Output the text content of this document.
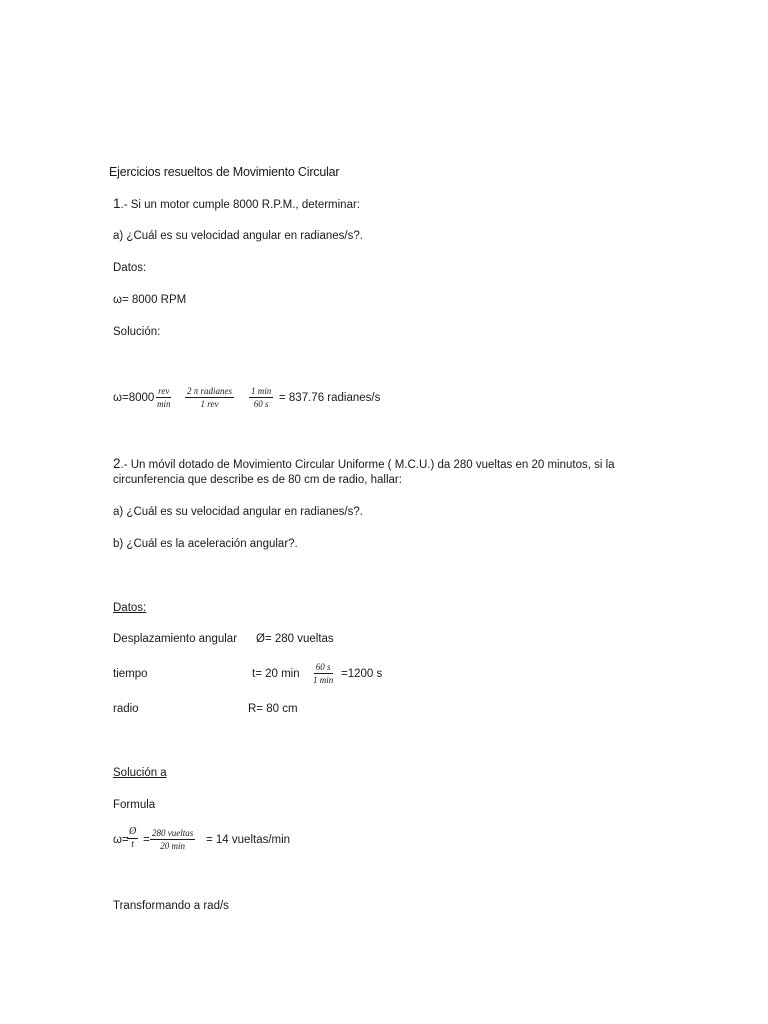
Ejercicios resueltos de Movimiento Circular
1.- Si un motor cumple 8000 R.P.M., determinar:
a) ¿Cuál es su velocidad angular en radianes/s?.
Datos:
ω= 8000 RPM
Solución:
ω=8000
rev
min
2 π radianes
1 rev
1 min
60 s = 837.76 radianes/s
2.- Un móvil dotado de Movimiento Circular Uniforme ( M.C.U.) da 280 vueltas en 20 minutos, si la
circunferencia que describe es de 80 cm de radio, hallar:
a) ¿Cuál es su velocidad angular en radianes/s?.
b) ¿Cuál es la aceleración angular?.
Datos:
Desplazamiento angular Ø= 280 vueltas
tiempo	t= 20 min
60 s
1 min =1200 s
radio	R= 80 cm
Solución a
Formula
ω=
$\frac{Ø}{t}$ =
280 vueltas
20 min = 14 vueltas/min
Transformando a rad/s
